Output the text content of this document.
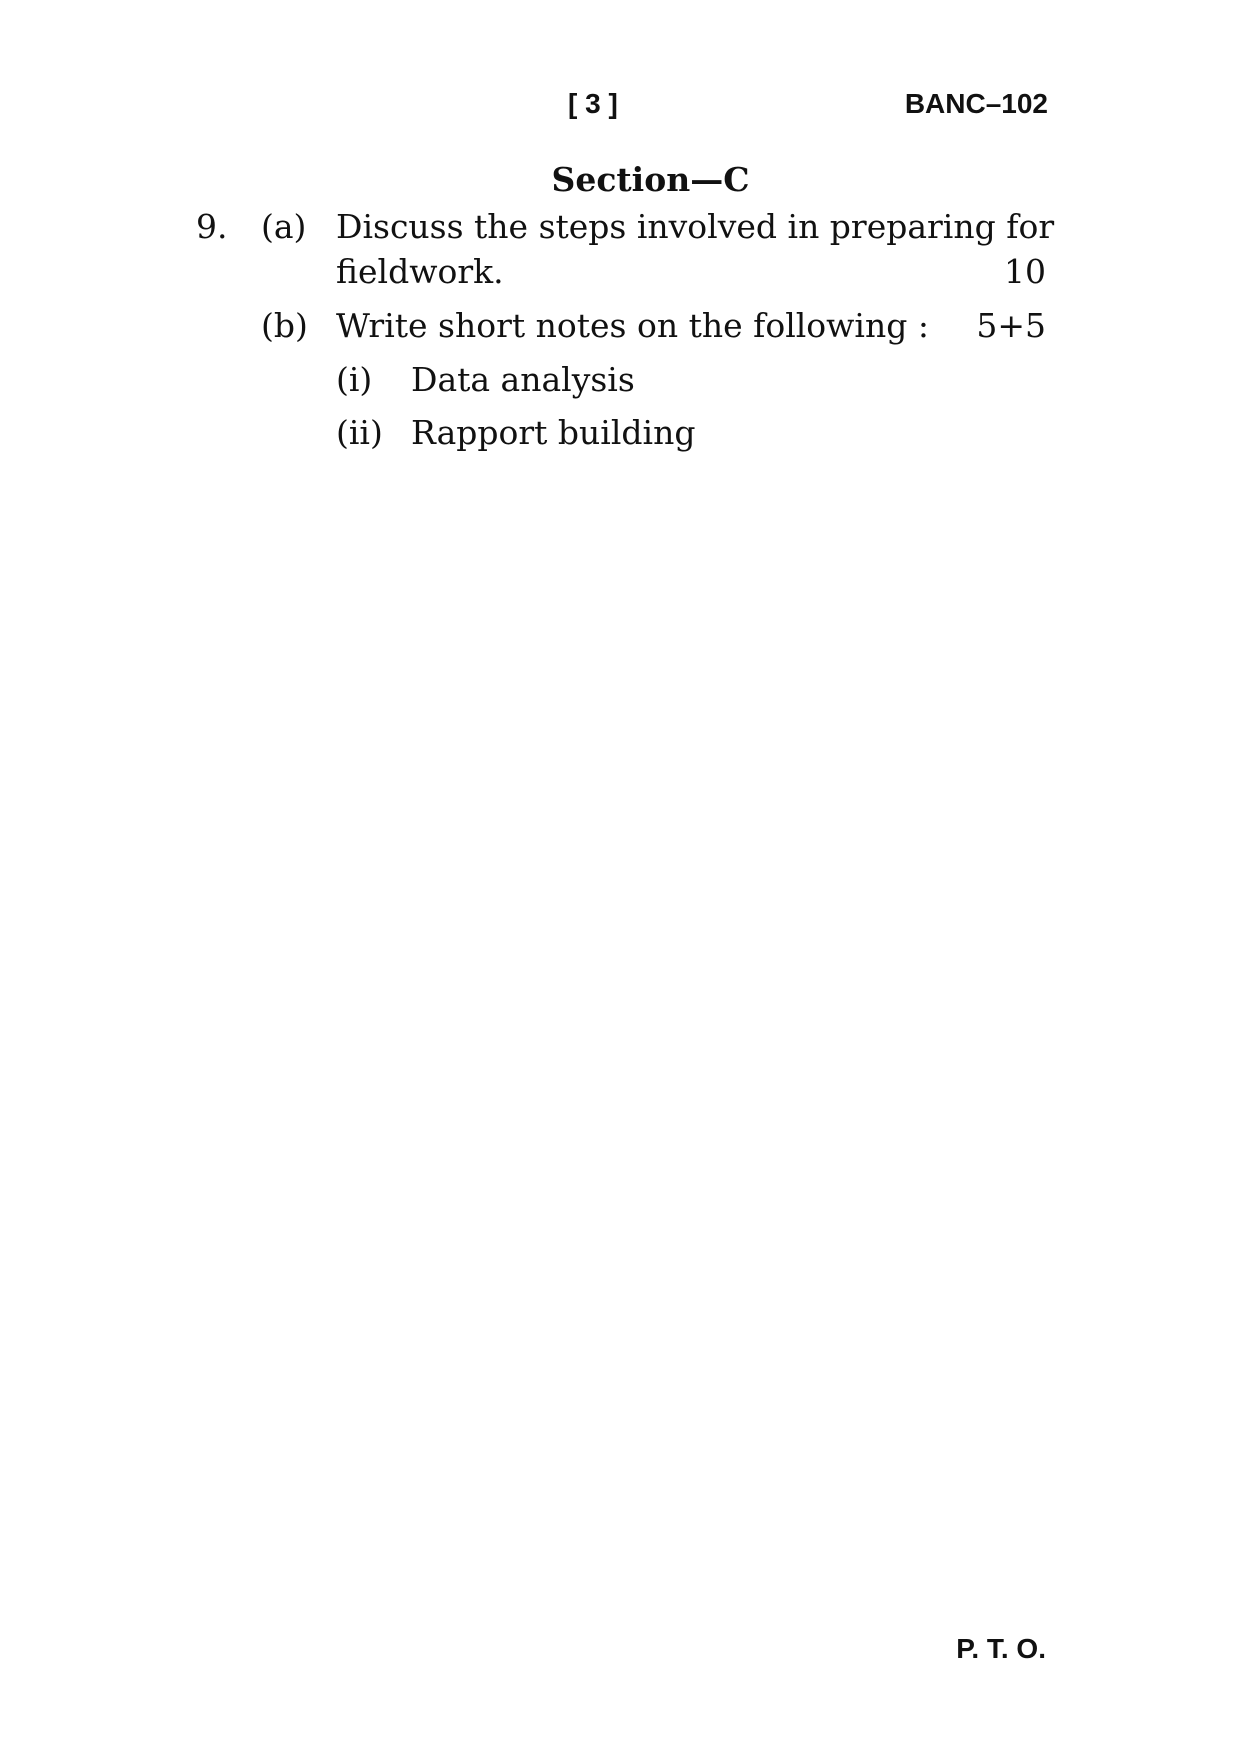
[ 3 ]	BANC–102
Section—C
9. (a) Discuss the steps involved in preparing for
fieldwork.	10
(b) Write short notes on the following : 5+5
(i) Data analysis
(ii) Rapport building
P. T. O.
